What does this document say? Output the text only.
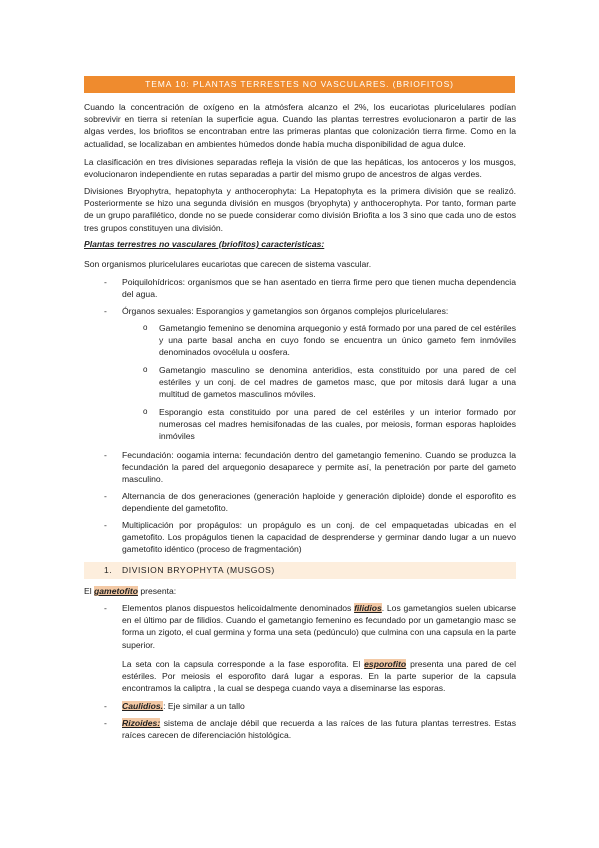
TEMA 10: PLANTAS TERRESTES NO VASCULARES. (BRIOFITOS)

Cuando la concentración de oxígeno en la atmósfera alcanzo el 2%, los eucariotas pluricelulares podían sobrevivir en tierra si retenían la superficie agua. Cuando las plantas terrestres evolucionaron a partir de las algas verdes, los briofitos se encontraban entre las primeras plantas que colonización tierra firme. Como en la actualidad, se localizaban en ambientes húmedos donde había mucha disponibilidad de agua dulce.

La clasificación en tres divisiones separadas refleja la visión de que las hepáticas, los antoceros y los musgos, evolucionaron independiente en rutas separadas a partir del mismo grupo de ancestros de algas verdes.

Divisiones Bryophytra, hepatophyta y anthocerophyta: La Hepatophyta es la primera división que se realizó. Posteriormente se hizo una segunda división en musgos (bryophyta) y anthocerophyta. Por tanto, forman parte de un grupo parafilético, donde no se puede considerar como división Briofita a los 3 sino que cada uno de estos tres grupos constituyen una división.

Plantas terrestres no vasculares (briofitos) características:

Son organismos pluricelulares eucariotas que carecen de sistema vascular.

- Poiquilohídricos: organismos que se han asentado en tierra firme pero que tienen mucha dependencia del agua.
- Órganos sexuales: Esporangios y gametangios son órganos complejos pluricelulares:
o Gametangio femenino se denomina arquegonio y está formado por una pared de cel estériles y una parte basal ancha en cuyo fondo se encuentra un único gameto fem inmóviles denominados ovocélula u oosfera.
o Gametangio masculino se denomina anteridios, esta constituido por una pared de cel estériles y un conj. de cel madres de gametos masc, que por mitosis dará lugar a una multitud de gametos masculinos móviles.
o Esporangio esta constituido por una pared de cel estériles y un interior formado por numerosas cel madres hemisifonadas de las cuales, por meiosis, forman esporas haploides inmóviles
- Fecundación: oogamia interna: fecundación dentro del gametangio femenino. Cuando se produzca la fecundación la pared del arquegonio desaparece y permite así, la penetración por parte del gameto masculino.
- Alternancia de dos generaciones (generación haploide y generación diploide) donde el esporofito es dependiente del gametofito.
- Multiplicación por propágulos: un propágulo es un conj. de cel empaquetadas ubicadas en el gametofito. Los propágulos tienen la capacidad de desprenderse y germinar dando lugar a un nuevo gametofito idéntico (proceso de fragmentación)
1. DIVISION BRYOPHYTA (MUSGOS)

El gametofito presenta:

- Elementos planos dispuestos helicoidalmente denominados filidios. Los gametangios suelen ubicarse en el último par de filidios. Cuando el gametangio femenino es fecundado por un gametangio masc se forma un zigoto, el cual germina y forma una seta (pedúnculo) que culmina con una capsula en la parte superior.

La seta con la capsula corresponde a la fase esporofita. El esporofito presenta una pared de cel estériles. Por meiosis el esporofito dará lugar a esporas. En la parte superior de la capsula encontramos la caliptra , la cual se despega cuando vaya a diseminarse las esporas.

- Caulidios.: Eje similar a un tallo
- Rizoides: sistema de anclaje débil que recuerda a las raíces de las futura plantas terrestres. Estas raíces carecen de diferenciación histológica.
